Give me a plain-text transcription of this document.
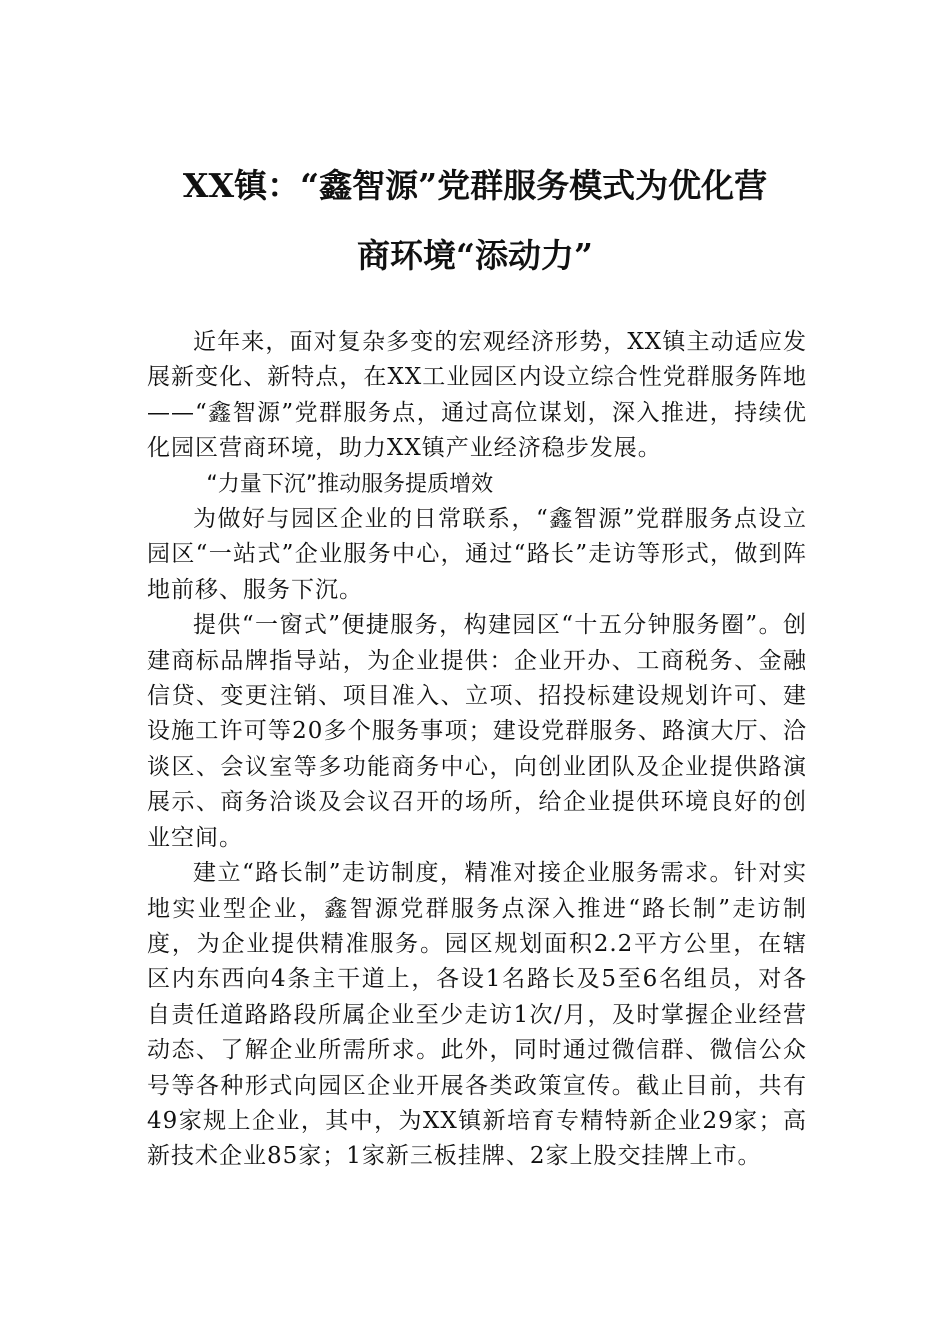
XX镇：“鑫智源”党群服务模式为优化营
商环境“添动力”

近年来，面对复杂多变的宏观经济形势，XX镇主动适应发展新变化、新特点，在XX工业园区内设立综合性党群服务阵地——“鑫智源”党群服务点，通过高位谋划，深入推进，持续优化园区营商环境，助力XX镇产业经济稳步发展。

“力量下沉”推动服务提质增效

为做好与园区企业的日常联系，“鑫智源”党群服务点设立园区“一站式”企业服务中心，通过“路长”走访等形式，做到阵地前移、服务下沉。

提供“一窗式”便捷服务，构建园区“十五分钟服务圈”。创建商标品牌指导站，为企业提供：企业开办、工商税务、金融信贷、变更注销、项目准入、立项、招投标建设规划许可、建设施工许可等20多个服务事项；建设党群服务、路演大厅、洽谈区、会议室等多功能商务中心，向创业团队及企业提供路演展示、商务洽谈及会议召开的场所，给企业提供环境良好的创业空间。

建立“路长制”走访制度，精准对接企业服务需求。针对实地实业型企业，鑫智源党群服务点深入推进“路长制”走访制度，为企业提供精准服务。园区规划面积2.2平方公里，在辖区内东西向4条主干道上，各设1名路长及5至6名组员，对各自责任道路路段所属企业至少走访1次/月，及时掌握企业经营动态、了解企业所需所求。此外，同时通过微信群、微信公众号等各种形式向园区企业开展各类政策宣传。截止目前，共有49家规上企业，其中，为XX镇新培育专精特新企业29家；高新技术企业85家；1家新三板挂牌、2家上股交挂牌上市。
